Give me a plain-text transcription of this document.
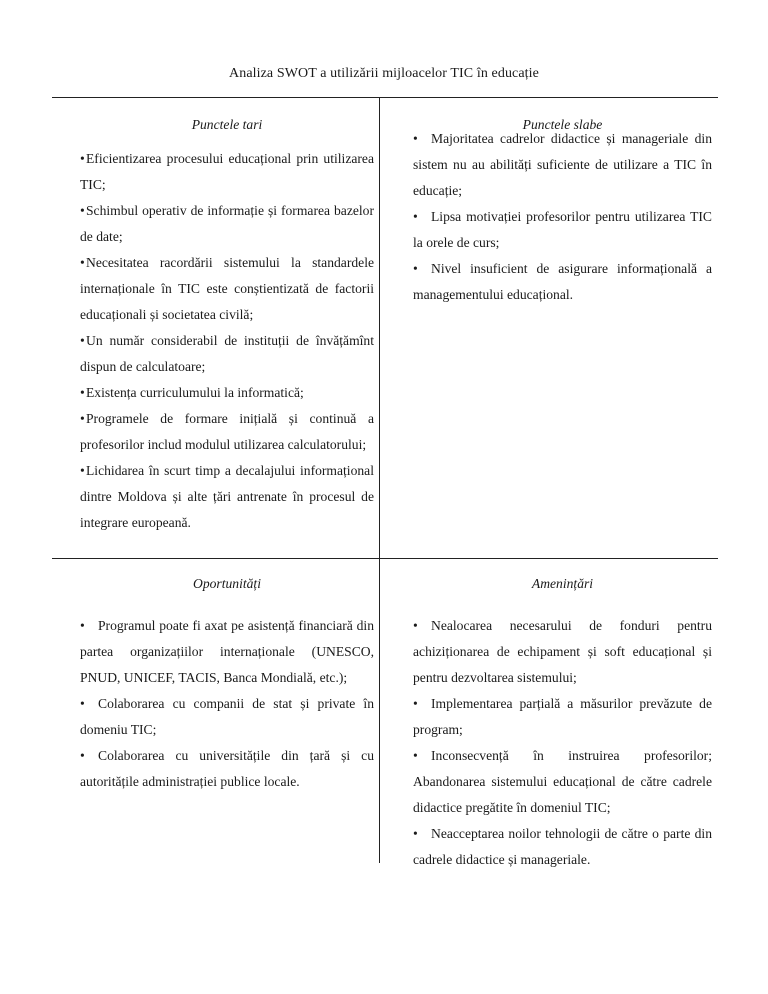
Analiza SWOT a utilizării mijloacelor TIC în educație
Punctele tari
•Eficientizarea procesului educațional prin utilizarea TIC;
•Schimbul operativ de informație și formarea bazelor de date;
•Necesitatea racordării sistemului la standardele internaționale în TIC este conștientizată de factorii educaționali și societatea civilă;
•Un număr considerabil de instituții de învățămînt dispun de calculatoare;
•Existența curriculumului la informatică;
•Programele de formare inițială și continuă a profesorilor includ modulul utilizarea calculatorului;
•Lichidarea în scurt timp a decalajului informațional dintre Moldova și alte țări antrenate în procesul de integrare europeană.
Punctele slabe
• Majoritatea cadrelor didactice și manageriale din sistem nu au abilități suficiente de utilizare a TIC în educație;
• Lipsa motivației profesorilor pentru utilizarea TIC la orele de curs;
• Nivel insuficient de asigurare informațională a managementului educațional.
Oportunități
• Programul poate fi axat pe asistență financiară din partea organizațiilor internaționale (UNESCO, PNUD, UNICEF, TACIS, Banca Mondială, etc.);
• Colaborarea cu companii de stat și private în domeniu TIC;
• Colaborarea cu universitățile din țară și cu autoritățile administrației publice locale.
Amenințări
• Nealocarea necesarului de fonduri pentru achiziționarea de echipament și soft educațional și pentru dezvoltarea sistemului;
• Implementarea parțială a măsurilor prevăzute de program;
• Inconsecvență în instruirea profesorilor; Abandonarea sistemului educațional de către cadrele didactice pregătite în domeniul TIC;
• Neacceptarea noilor tehnologii de către o parte din cadrele didactice și manageriale.
